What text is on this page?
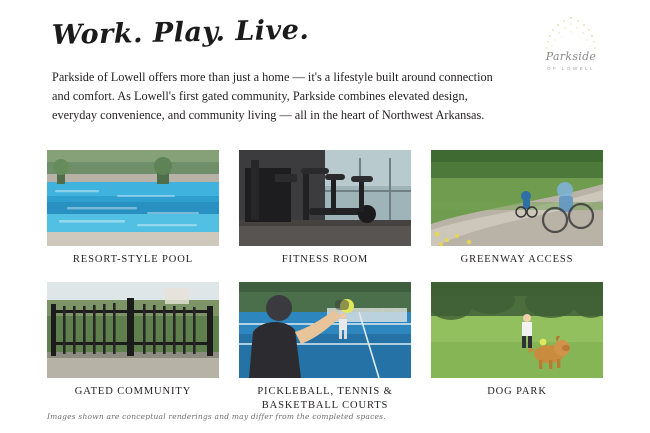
Work. Play. Live.
Parkside of Lowell offers more than just a home — it's a lifestyle built around connection and comfort. As Lowell's first gated community, Parkside combines elevated design, everyday convenience, and community living — all in the heart of Northwest Arkansas.
Parkside
OF LOWELL
RESORT-STYLE POOL	FITNESS ROOM	GREENWAY ACCESS
GATED COMMUNITY	PICKLEBALL, TENNIS & BASKETBALL COURTS
DOG PARK
Images shown are conceptual renderings and may differ from the completed spaces.
